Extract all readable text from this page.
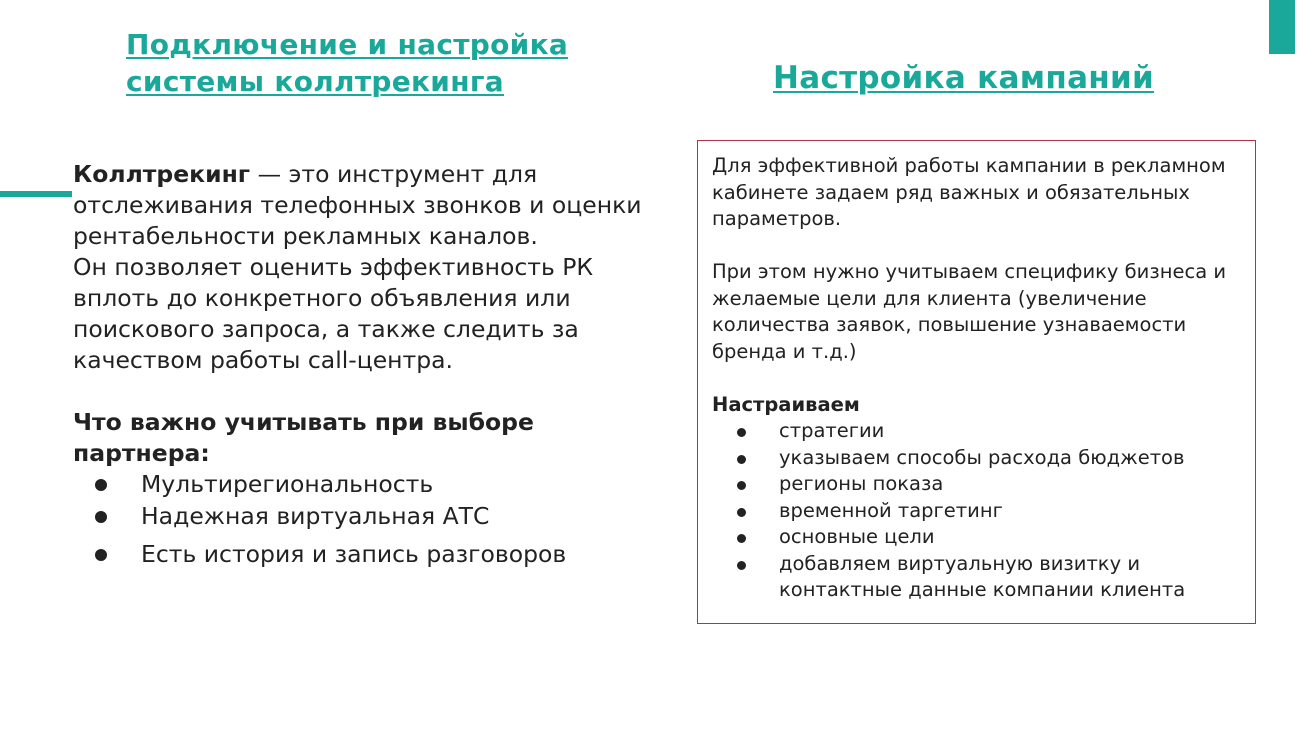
Подключение и настройка
системы коллтрекинга	Настройка кампаний

Коллтрекинг — это инструмент для отслеживания телефонных звонков и оценки рентабельности рекламных каналов.

Он позволяет оценить эффективность РК вплоть до конкретного объявления или поискового запроса, а также следить за качеством работы call-центра.

Что важно учитывать при выборе партнера:

Мультирегиональность
Надежная виртуальная АТС
Есть история и запись разговоров

Для эффективной работы кампании в рекламном кабинете задаем ряд важных и обязательных параметров.

При этом нужно учитываем специфику бизнеса и желаемые цели для клиента (увеличение количества заявок, повышение узнаваемости бренда и т.д.)

Настраиваем

стратегии
указываем способы расхода бюджетов
регионы показа
временной таргетинг
основные цели
добавляем виртуальную визитку и контактные данные компании клиента
